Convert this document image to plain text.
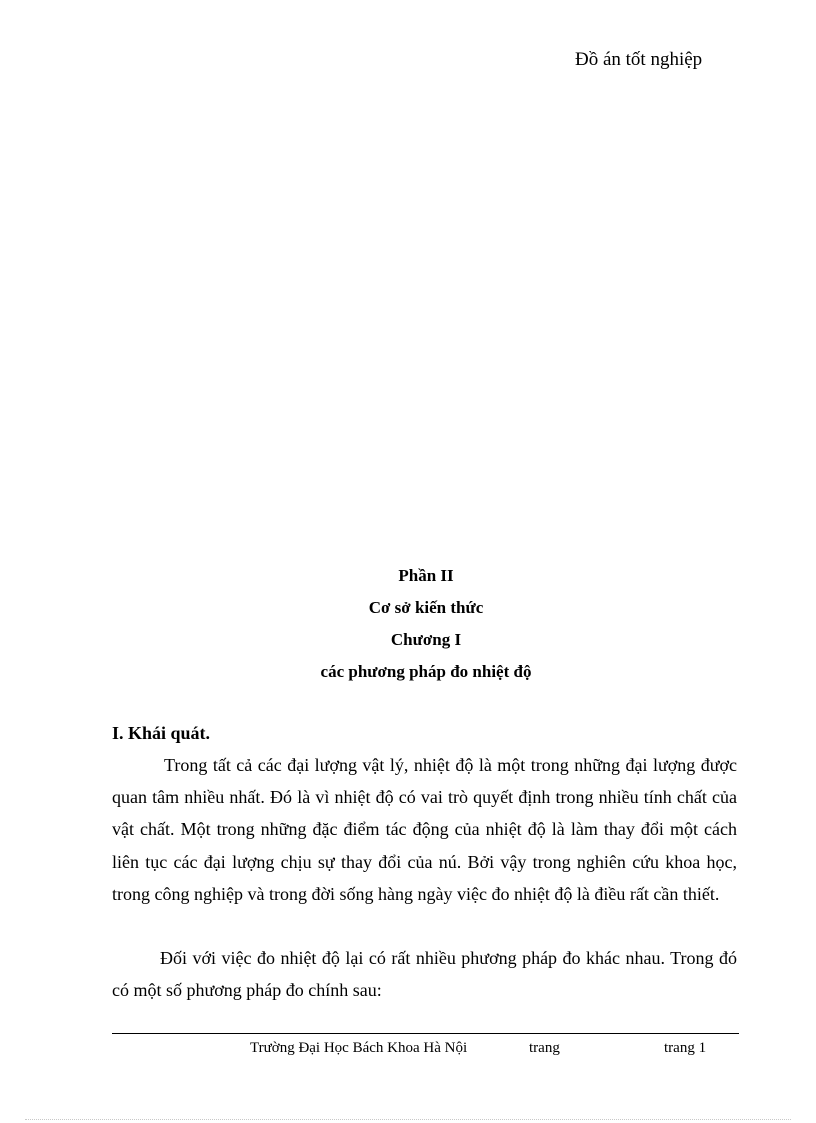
Đồ án tốt nghiệp
Phần II
Cơ sở kiến thức
Chương I
các phương pháp đo nhiệt độ
I. Khái quát.

Trong tất cả các đại lượng vật lý, nhiệt độ là một trong những đại lượng được quan tâm nhiều nhất. Đó là vì nhiệt độ có vai trò quyết định trong nhiều tính chất của vật chất. Một trong những đặc điểm tác động của nhiệt độ là làm thay đổi một cách liên tục các đại lượng chịu sự thay đổi của nú. Bởi vậy trong nghiên cứu khoa học, trong công nghiệp và trong đời sống hàng ngày việc đo nhiệt độ là điều rất cần thiết.

Đối với việc đo nhiệt độ lại có rất nhiều phương pháp đo khác nhau. Trong đó có một số phương pháp đo chính sau:

Trường Đại Học Bách Khoa Hà Nội	trang	trang 1
